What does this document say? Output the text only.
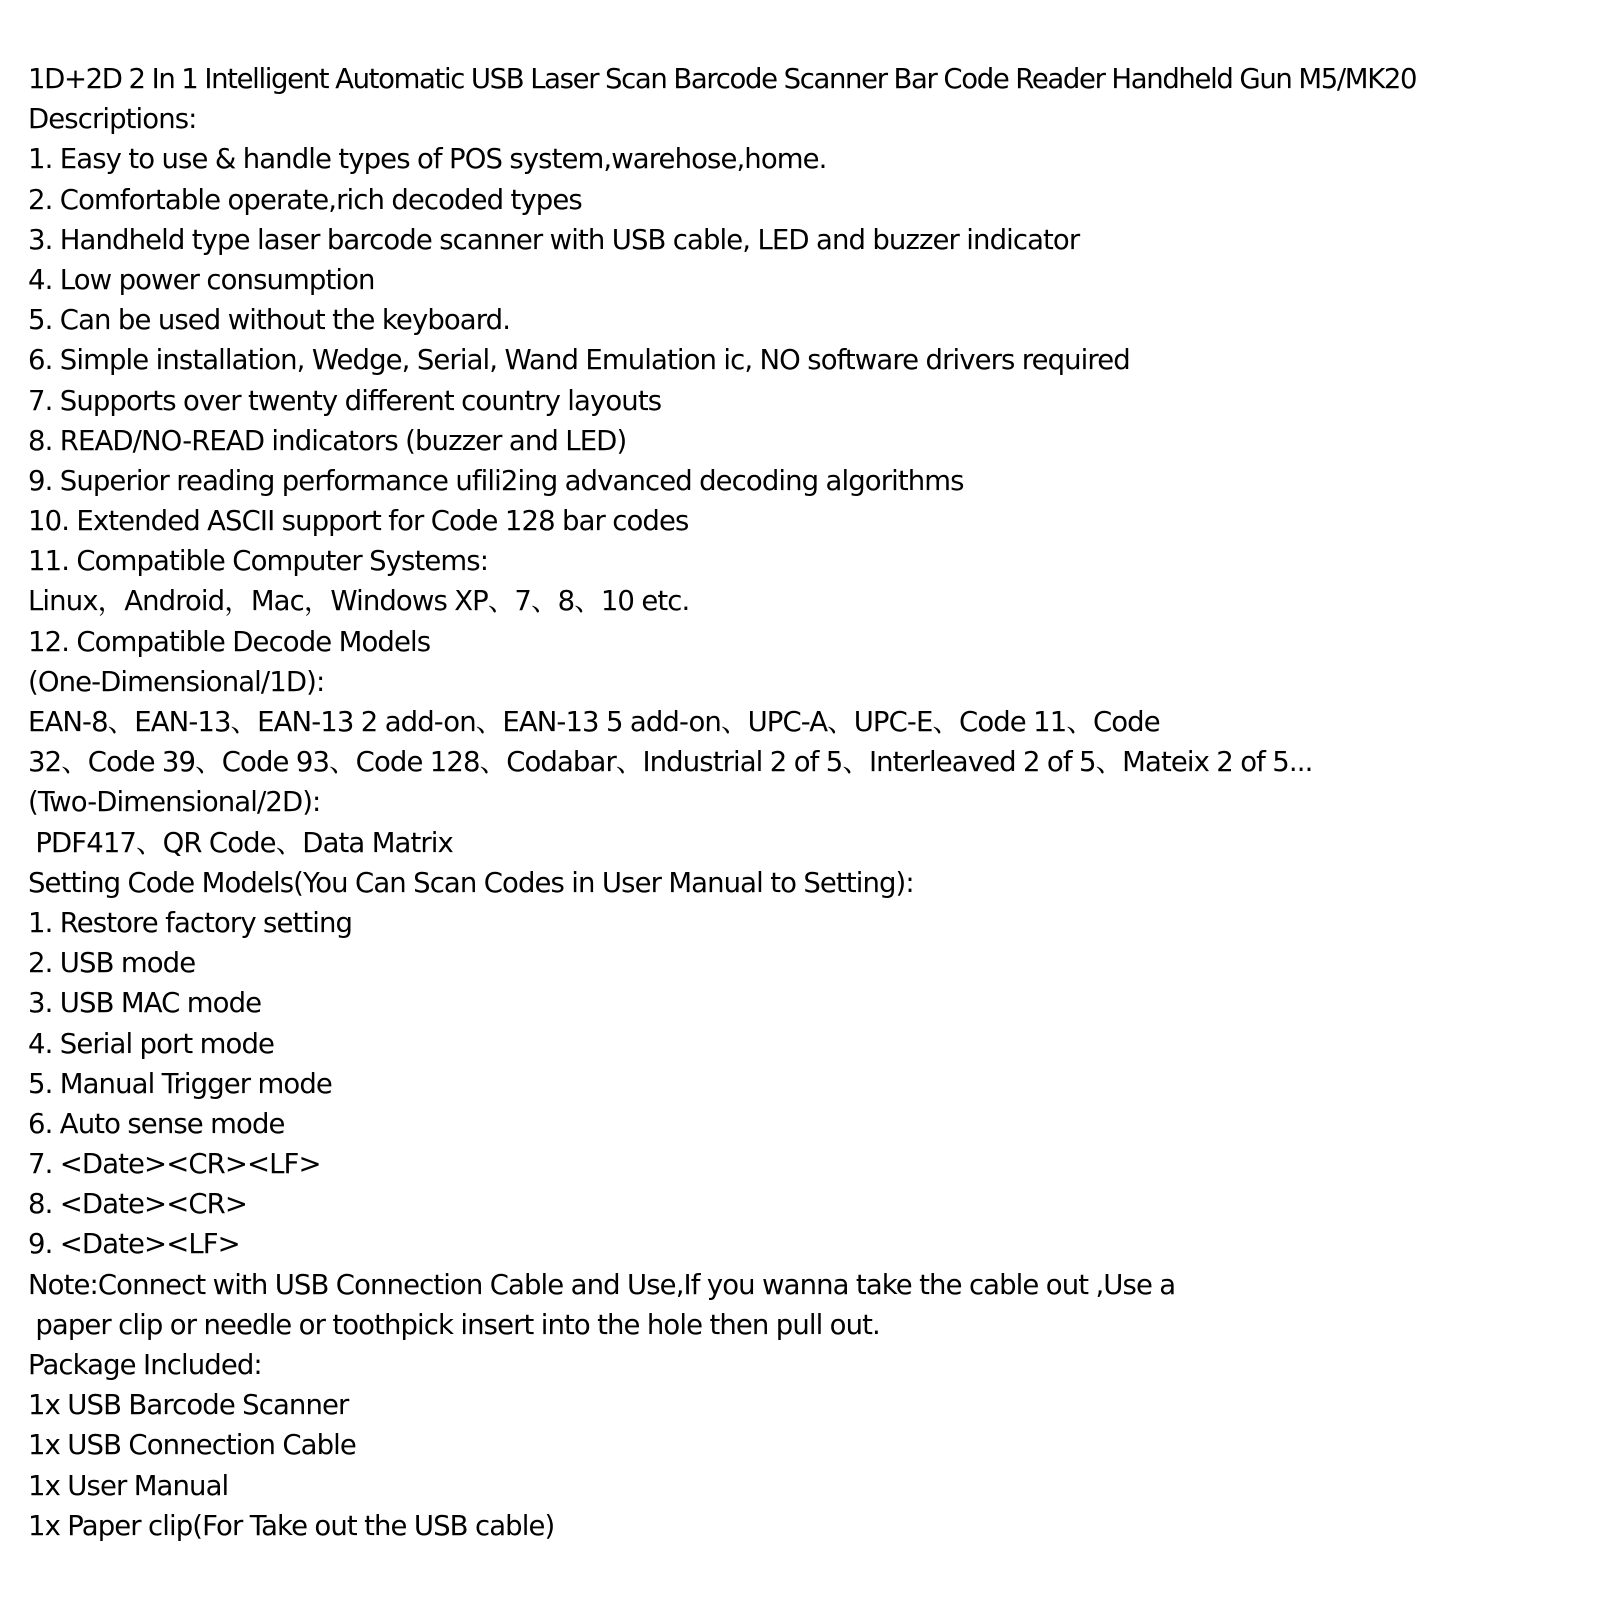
1D+2D 2 In 1 Intelligent Automatic USB Laser Scan Barcode Scanner Bar Code Reader Handheld Gun M5/MK20
Descriptions:
1. Easy to use & handle types of POS system,warehose,home.
2. Comfortable operate,rich decoded types
3. Handheld type laser barcode scanner with USB cable, LED and buzzer indicator
4. Low power consumption
5. Can be used without the keyboard.
6. Simple installation, Wedge, Serial, Wand Emulation ic, NO software drivers required
7. Supports over twenty different country layouts
8. READ/NO-READ indicators (buzzer and LED)
9. Superior reading performance ufili2ing advanced decoding algorithms
10. Extended ASCII support for Code 128 bar codes
11. Compatible Computer Systems:
Linux，Android，Mac，Windows XP、7、8、10 etc.
12. Compatible Decode Models
(One-Dimensional/1D):
EAN-8、EAN-13、EAN-13 2 add-on、EAN-13 5 add-on、UPC-A、UPC-E、Code 11、Code
32、Code 39、Code 93、Code 128、Codabar、Industrial 2 of 5、Interleaved 2 of 5、Mateix 2 of 5...
(Two-Dimensional/2D):
PDF417、QR Code、Data Matrix
Setting Code Models(You Can Scan Codes in User Manual to Setting):
1. Restore factory setting
2. USB mode
3. USB MAC mode
4. Serial port mode
5. Manual Trigger mode
6. Auto sense mode
7. <Date><CR><LF>
8. <Date><CR>
9. <Date><LF>
Note:Connect with USB Connection Cable and Use,If you wanna take the cable out ,Use a
paper clip or needle or toothpick insert into the hole then pull out.
Package Included:
1x USB Barcode Scanner
1x USB Connection Cable
1x User Manual
1x Paper clip(For Take out the USB cable)
